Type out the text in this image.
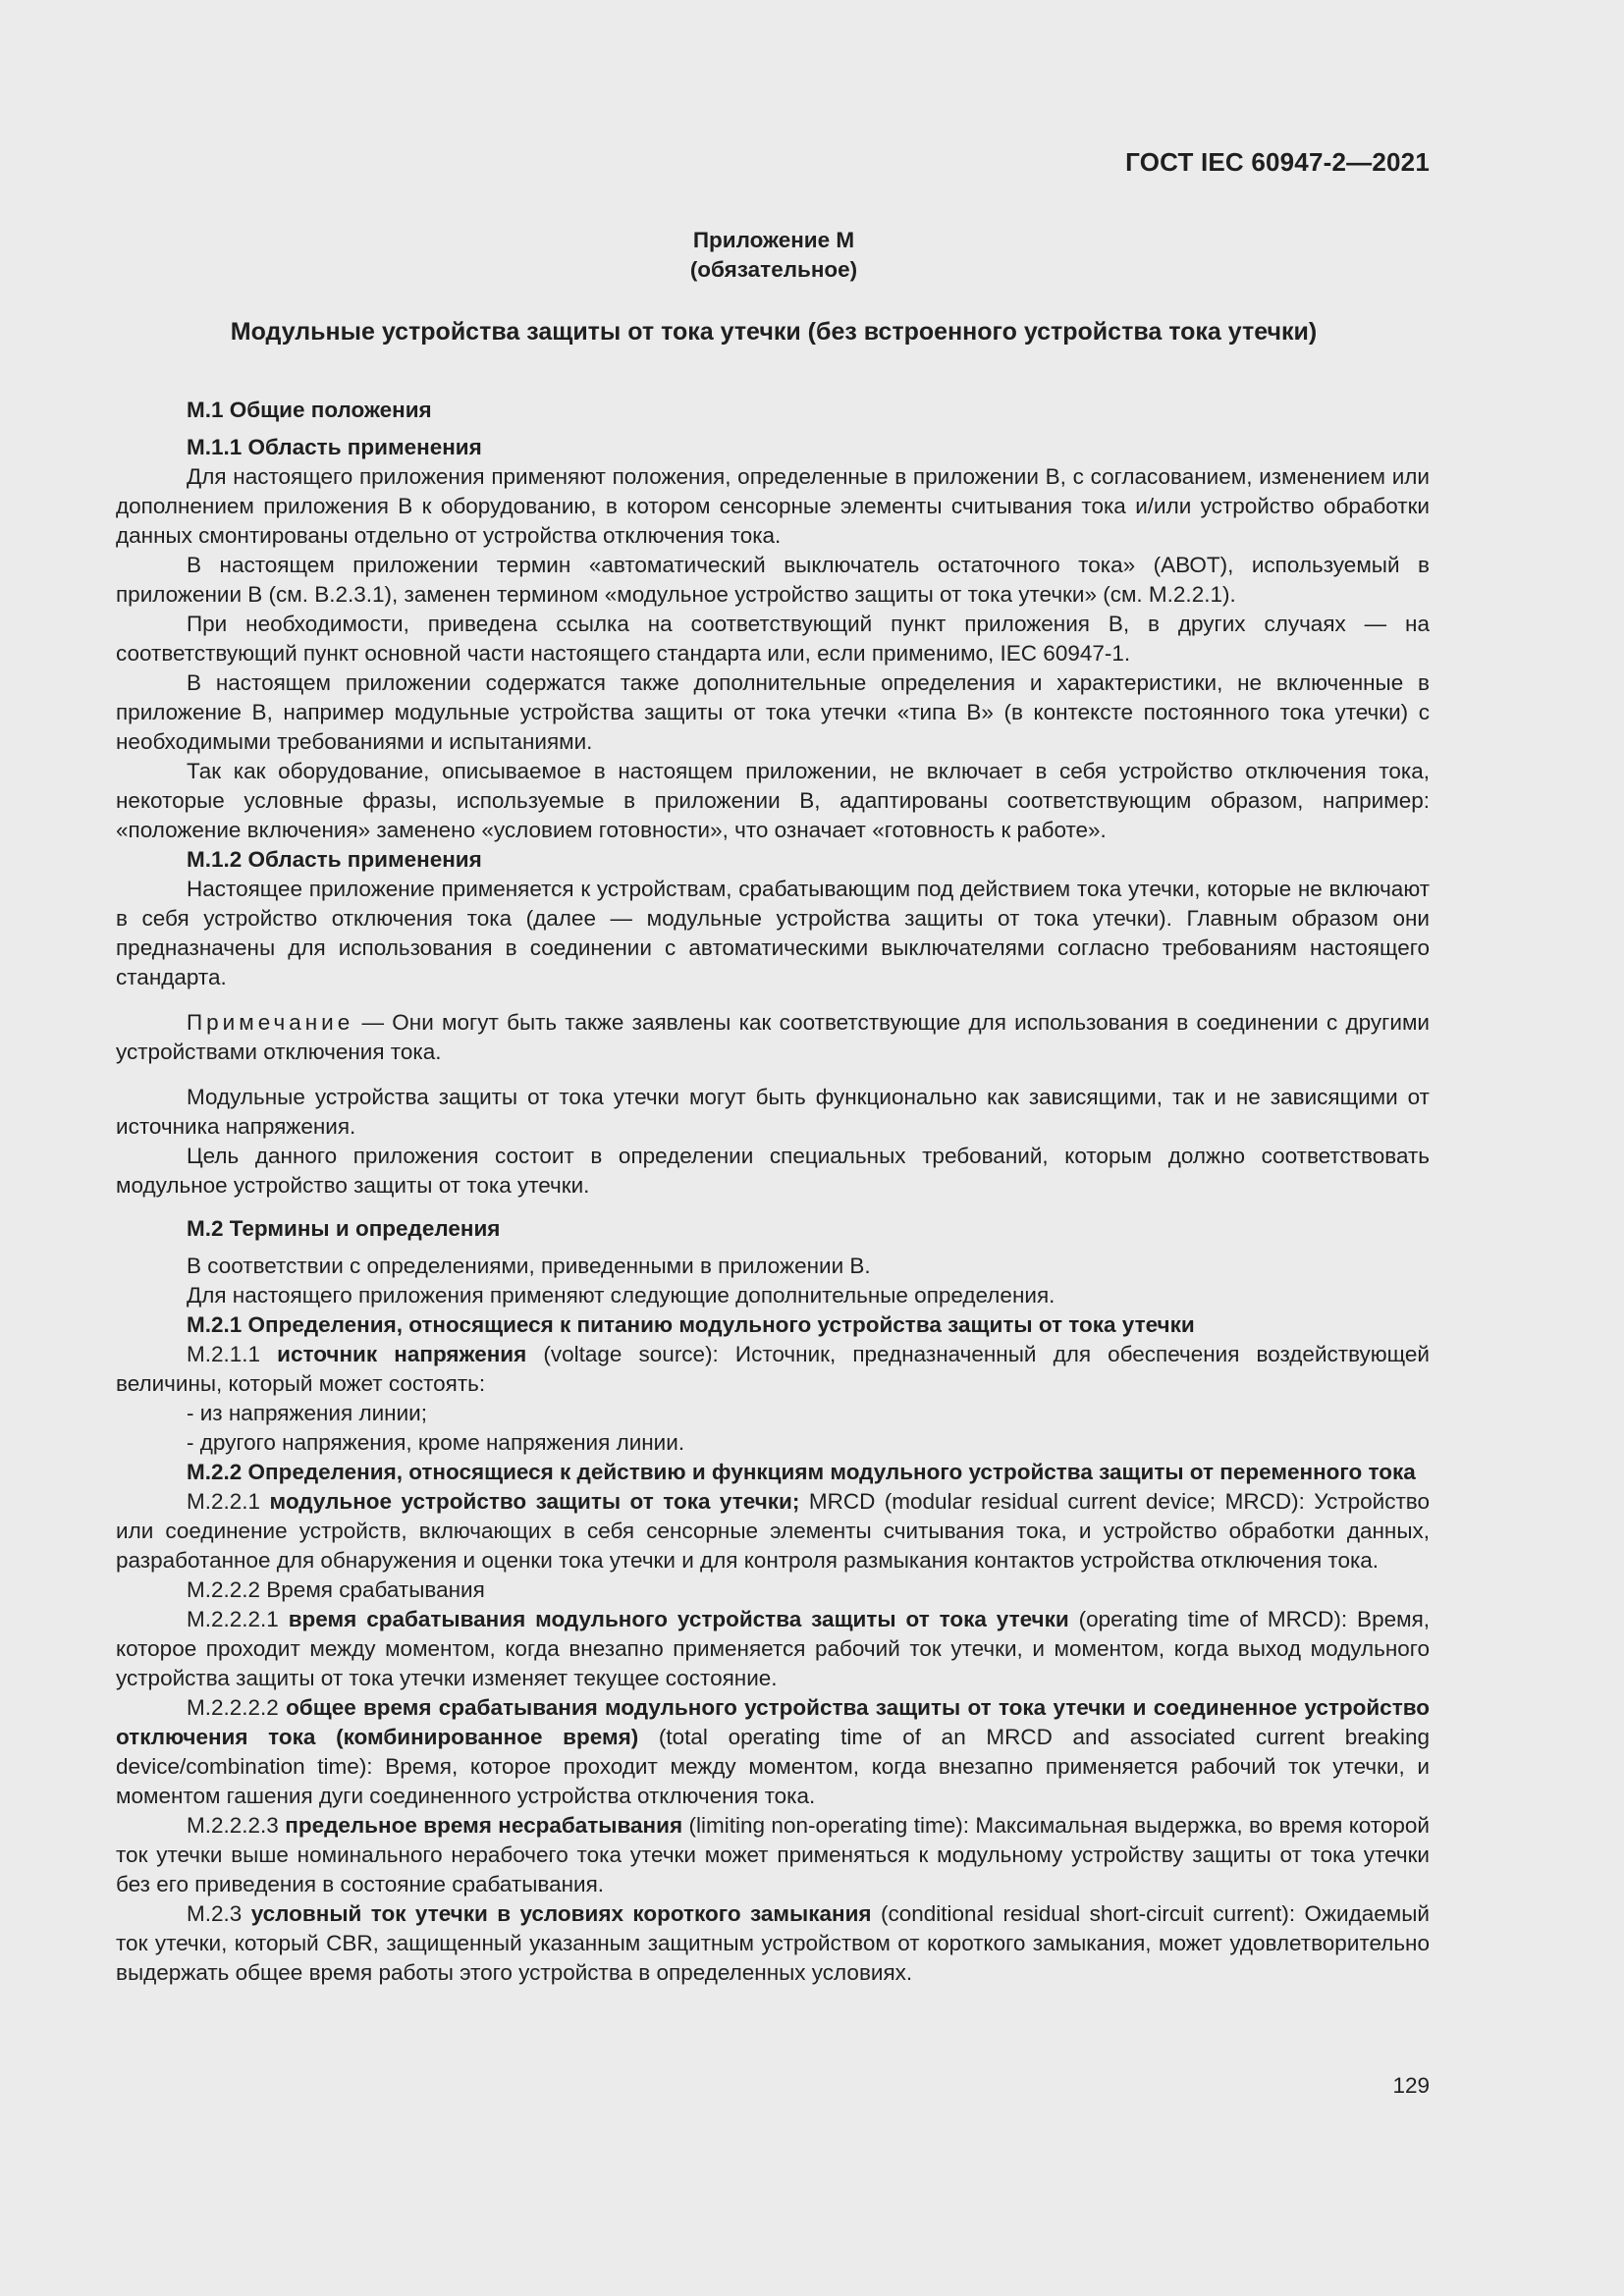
ГОСТ IEC 60947-2—2021
Приложение М
(обязательное)
Модульные устройства защиты от тока утечки (без встроенного устройства тока утечки)

М.1 Общие положения

М.1.1 Область применения

Для настоящего приложения применяют положения, определенные в приложении В, с согласованием, изменением или дополнением приложения В к оборудованию, в котором сенсорные элементы считывания тока и/или устройство обработки данных смонтированы отдельно от устройства отключения тока.

В настоящем приложении термин «автоматический выключатель остаточного тока» (АВОТ), используемый в приложении В (см. В.2.3.1), заменен термином «модульное устройство защиты от тока утечки» (см. М.2.2.1).

При необходимости, приведена ссылка на соответствующий пункт приложения В, в других случаях — на соответствующий пункт основной части настоящего стандарта или, если применимо, IEC 60947-1.

В настоящем приложении содержатся также дополнительные определения и характеристики, не включенные в приложение В, например модульные устройства защиты от тока утечки «типа В» (в контексте постоянного тока утечки) с необходимыми требованиями и испытаниями.

Так как оборудование, описываемое в настоящем приложении, не включает в себя устройство отключения тока, некоторые условные фразы, используемые в приложении В, адаптированы соответствующим образом, например: «положение включения» заменено «условием готовности», что означает «готовность к работе».

М.1.2 Область применения

Настоящее приложение применяется к устройствам, срабатывающим под действием тока утечки, которые не включают в себя устройство отключения тока (далее — модульные устройства защиты от тока утечки). Главным образом они предназначены для использования в соединении с автоматическими выключателями согласно требованиям настоящего стандарта.

Примечание — Они могут быть также заявлены как соответствующие для использования в соединении с другими устройствами отключения тока.

Модульные устройства защиты от тока утечки могут быть функционально как зависящими, так и не зависящими от источника напряжения.

Цель данного приложения состоит в определении специальных требований, которым должно соответствовать модульное устройство защиты от тока утечки.

М.2 Термины и определения

В соответствии с определениями, приведенными в приложении В.

Для настоящего приложения применяют следующие дополнительные определения.

М.2.1 Определения, относящиеся к питанию модульного устройства защиты от тока утечки

М.2.1.1 источник напряжения (voltage source): Источник, предназначенный для обеспечения воздействующей величины, который может состоять:

- из напряжения линии;

- другого напряжения, кроме напряжения линии.

М.2.2 Определения, относящиеся к действию и функциям модульного устройства защиты от переменного тока

М.2.2.1 модульное устройство защиты от тока утечки; MRCD (modular residual current device; MRCD): Устройство или соединение устройств, включающих в себя сенсорные элементы считывания тока, и устройство обработки данных, разработанное для обнаружения и оценки тока утечки и для контроля размыкания контактов устройства отключения тока.

М.2.2.2 Время срабатывания

М.2.2.2.1 время срабатывания модульного устройства защиты от тока утечки (operating time of MRCD): Время, которое проходит между моментом, когда внезапно применяется рабочий ток утечки, и моментом, когда выход модульного устройства защиты от тока утечки изменяет текущее состояние.

М.2.2.2.2 общее время срабатывания модульного устройства защиты от тока утечки и соединенное устройство отключения тока (комбинированное время) (total operating time of an MRCD and associated current breaking device/combination time): Время, которое проходит между моментом, когда внезапно применяется рабочий ток утечки, и моментом гашения дуги соединенного устройства отключения тока.

М.2.2.2.3 предельное время несрабатывания (limiting non-operating time): Максимальная выдержка, во время которой ток утечки выше номинального нерабочего тока утечки может применяться к модульному устройству защиты от тока утечки без его приведения в состояние срабатывания.

М.2.3 условный ток утечки в условиях короткого замыкания (conditional residual short-circuit current): Ожидаемый ток утечки, который CBR, защищенный указанным защитным устройством от короткого замыкания, может удовлетворительно выдержать общее время работы этого устройства в определенных условиях.

129
